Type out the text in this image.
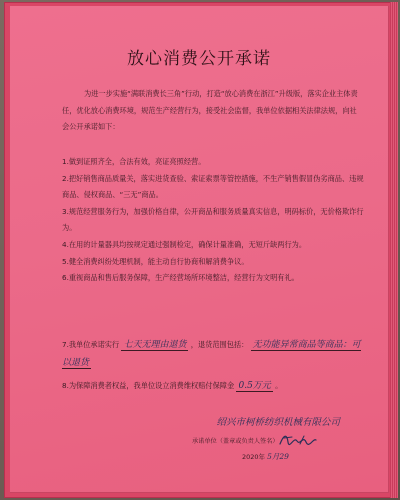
放心消费公开承诺
为进一步实施“满联消费长三角”行动，打造“放心消费在浙江”升级版，落实企业主体责任，优化放心消费环境，规范生产经营行为，接受社会监督，我单位依据相关法律法规，向社会公开承诺如下：

1.做到证照齐全，合法有效，亮证亮照经营。

2.把好销售商品质量关，落实进货查验、索证索票等管控措施，不生产销售假冒伪劣商品、违规商品、侵权商品、“三无”商品。

3.规范经营服务行为，加强价格自律，公开商品和服务质量真实信息，明码标价，无价格欺诈行为。

4.在用的计量器具均按规定通过强制检定，确保计量准确，无短斤缺两行为。

5.健全消费纠纷处理机制，能主动自行协商和解消费争议。

6.重视商品和售后服务保障，生产经营场所环境整洁，经营行为文明有礼。

7.我单位承诺实行 七天无理由退货 ，退货范围包括： 无功能异常商品等商品：可以退货
8.为保障消费者权益，我单位设立消费维权赔付保障金 0.5万元 。
绍兴市柯桥纺织机械有限公司
承诺单位（盖章或负责人签名）
2020年 5月29
